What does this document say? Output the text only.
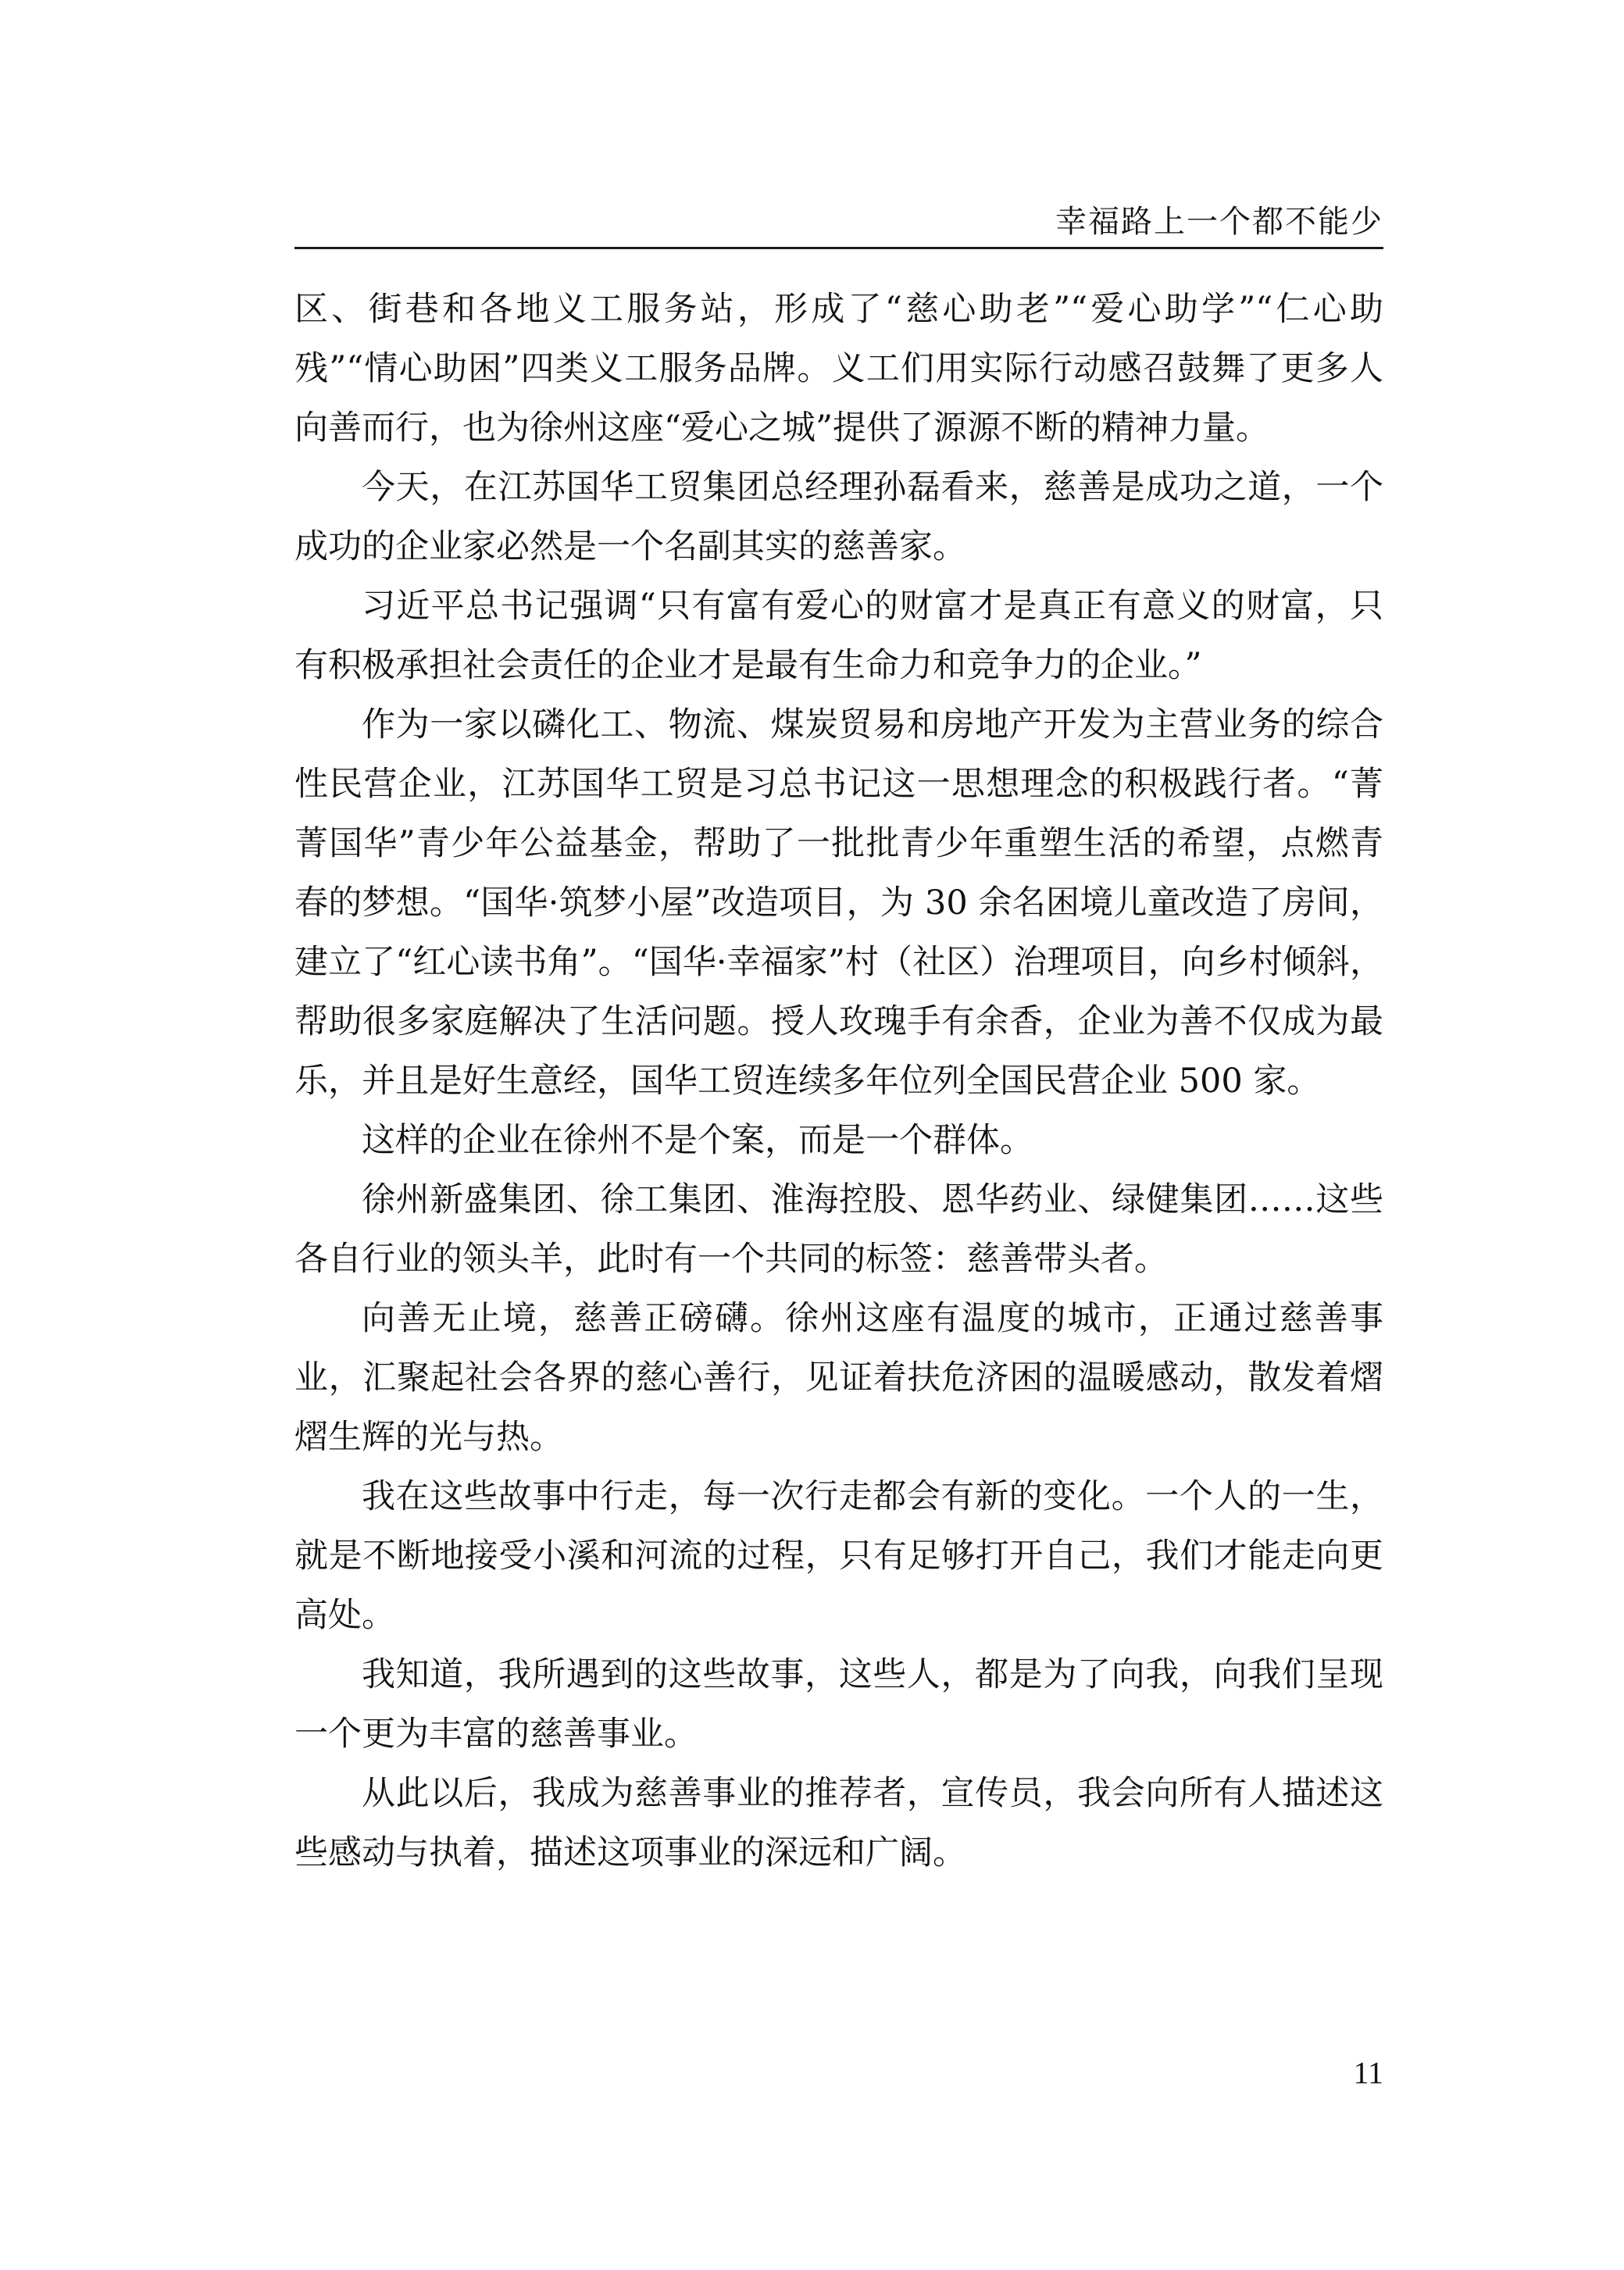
幸福路上一个都不能少

区、街巷和各地义工服务站，形成了“慈心助老”“爱心助学”“仁心助残”“情心助困”四类义工服务品牌。义工们用实际行动感召鼓舞了更多人向善而行，也为徐州这座“爱心之城”提供了源源不断的精神力量。

今天，在江苏国华工贸集团总经理孙磊看来，慈善是成功之道，一个成功的企业家必然是一个名副其实的慈善家。

习近平总书记强调“只有富有爱心的财富才是真正有意义的财富，只有积极承担社会责任的企业才是最有生命力和竞争力的企业。”

作为一家以磷化工、物流、煤炭贸易和房地产开发为主营业务的综合性民营企业，江苏国华工贸是习总书记这一思想理念的积极践行者。“菁菁国华”青少年公益基金，帮助了一批批青少年重塑生活的希望，点燃青春的梦想。“国华·筑梦小屋”改造项目，为 30 余名困境儿童改造了房间，建立了“红心读书角”。“国华·幸福家”村（社区）治理项目，向乡村倾斜，帮助很多家庭解决了生活问题。授人玫瑰手有余香，企业为善不仅成为最乐，并且是好生意经，国华工贸连续多年位列全国民营企业 500 家。

这样的企业在徐州不是个案，而是一个群体。

徐州新盛集团、徐工集团、淮海控股、恩华药业、绿健集团……这些各自行业的领头羊，此时有一个共同的标签：慈善带头者。

向善无止境，慈善正磅礴。徐州这座有温度的城市，正通过慈善事业，汇聚起社会各界的慈心善行，见证着扶危济困的温暖感动，散发着熠熠生辉的光与热。

我在这些故事中行走，每一次行走都会有新的变化。一个人的一生，就是不断地接受小溪和河流的过程，只有足够打开自己，我们才能走向更高处。

我知道，我所遇到的这些故事，这些人，都是为了向我，向我们呈现一个更为丰富的慈善事业。

从此以后，我成为慈善事业的推荐者，宣传员，我会向所有人描述这些感动与执着，描述这项事业的深远和广阔。

11
